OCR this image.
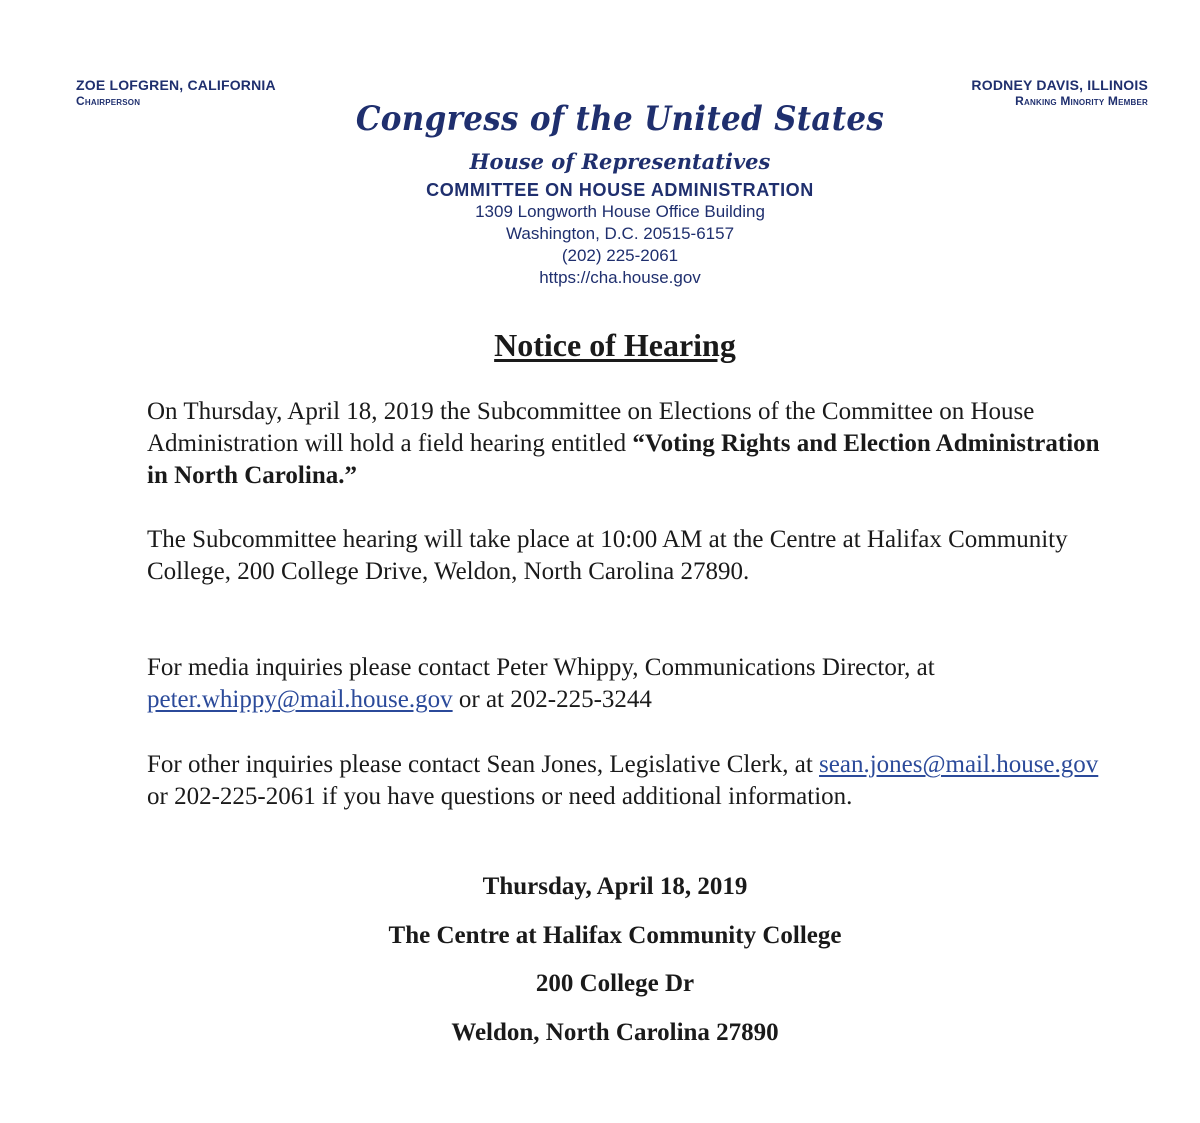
ZOE LOFGREN, CALIFORNIA
Chairperson
RODNEY DAVIS, ILLINOIS
Ranking Minority Member
Congress of the United States
House of Representatives
COMMITTEE ON HOUSE ADMINISTRATION
1309 Longworth House Office Building
Washington, D.C. 20515-6157
(202) 225-2061
https://cha.house.gov
Notice of Hearing
On Thursday, April 18, 2019 the Subcommittee on Elections of the Committee on House Administration will hold a field hearing entitled “Voting Rights and Election Administration in North Carolina.”
The Subcommittee hearing will take place at 10:00 AM at the Centre at Halifax Community College, 200 College Drive, Weldon, North Carolina 27890.
For media inquiries please contact Peter Whippy, Communications Director, at peter.whippy@mail.house.gov or at 202-225-3244
For other inquiries please contact Sean Jones, Legislative Clerk, at sean.jones@mail.house.gov or 202-225-2061 if you have questions or need additional information.
Thursday, April 18, 2019
The Centre at Halifax Community College
200 College Dr
Weldon, North Carolina 27890
